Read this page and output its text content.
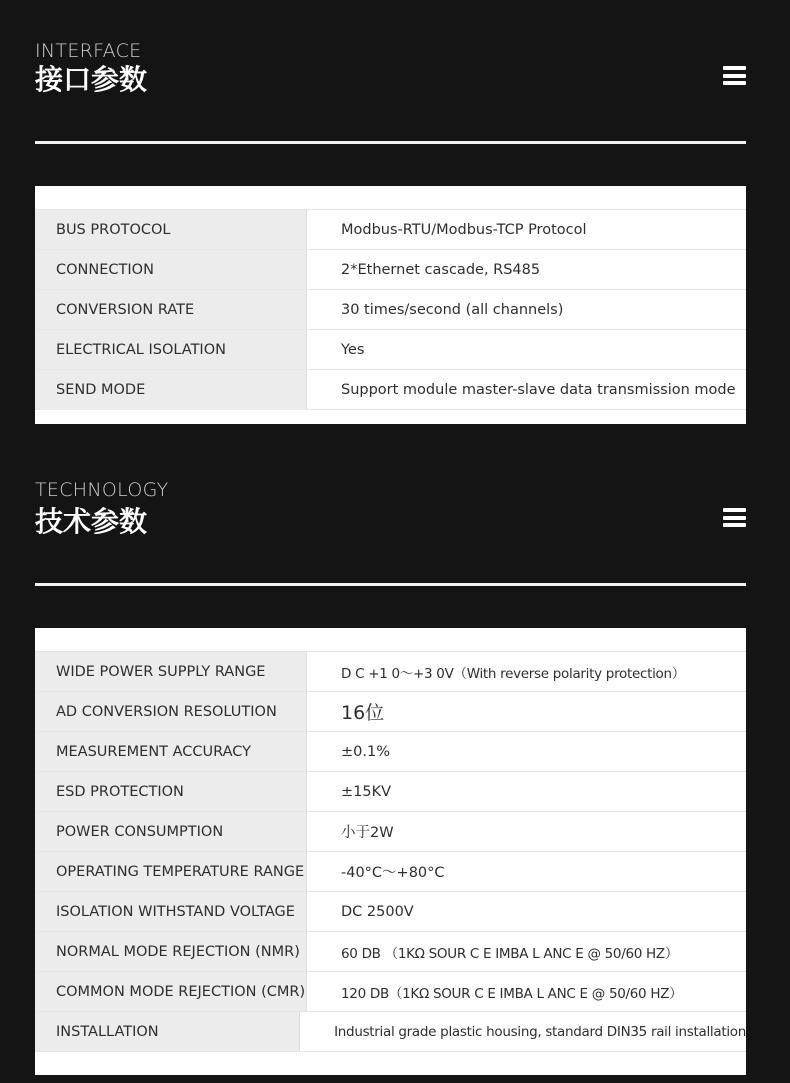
INTERFACE
接口参数
BUS PROTOCOL	Modbus-RTU/Modbus-TCP Protocol
CONNECTION	2*Ethernet cascade, RS485
CONVERSION RATE	30 times/second (all channels)
ELECTRICAL ISOLATION	Yes
SEND MODE	Support module master-slave data transmission mode
TECHNOLOGY
技术参数
WIDE POWER SUPPLY RANGE	D C +1 0～+3 0V（With reverse polarity protection）
AD CONVERSION RESOLUTION	16位
MEASUREMENT ACCURACY	±0.1%
ESD PROTECTION	±15KV
POWER CONSUMPTION	小于2W
OPERATING TEMPERATURE RANGE	-40°C～+80°C
ISOLATION WITHSTAND VOLTAGE	DC 2500V
NORMAL MODE REJECTION (NMR)	60 DB （1KΩ SOUR C E IMBA L ANC E @ 50/60 HZ）
COMMON MODE REJECTION (CMR)	120 DB（1KΩ SOUR C E IMBA L ANC E @ 50/60 HZ）
INSTALLATION	Industrial grade plastic housing, standard DIN35 rail installation
